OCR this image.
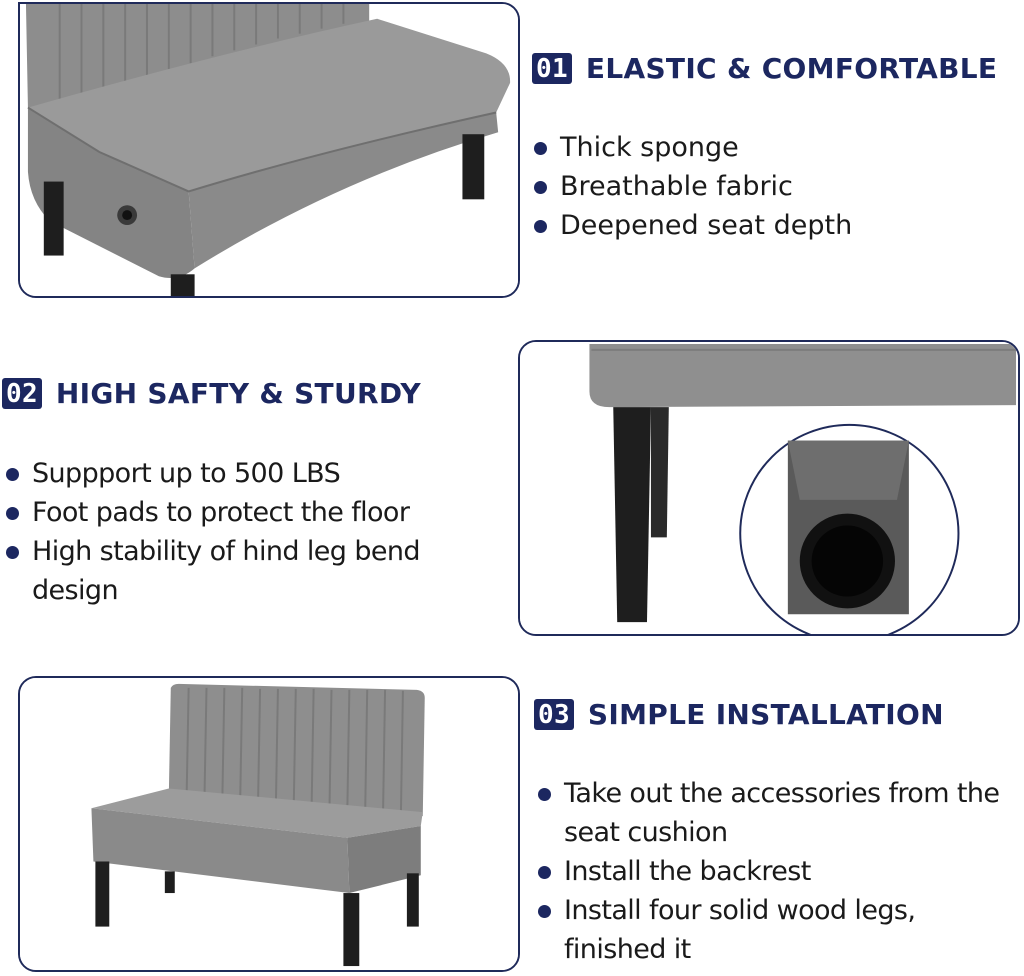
01 ELASTIC & COMFORTABLE
Thick sponge
Breathable fabric
Deepened seat depth
02 HIGH SAFTY & STURDY
Suppport up to 500 LBS
Foot pads to protect the floor
High stability of hind leg bend design
03 SIMPLE INSTALLATION
Take out the accessories from the seat cushion
Install the backrest
Install four solid wood legs, finished it
